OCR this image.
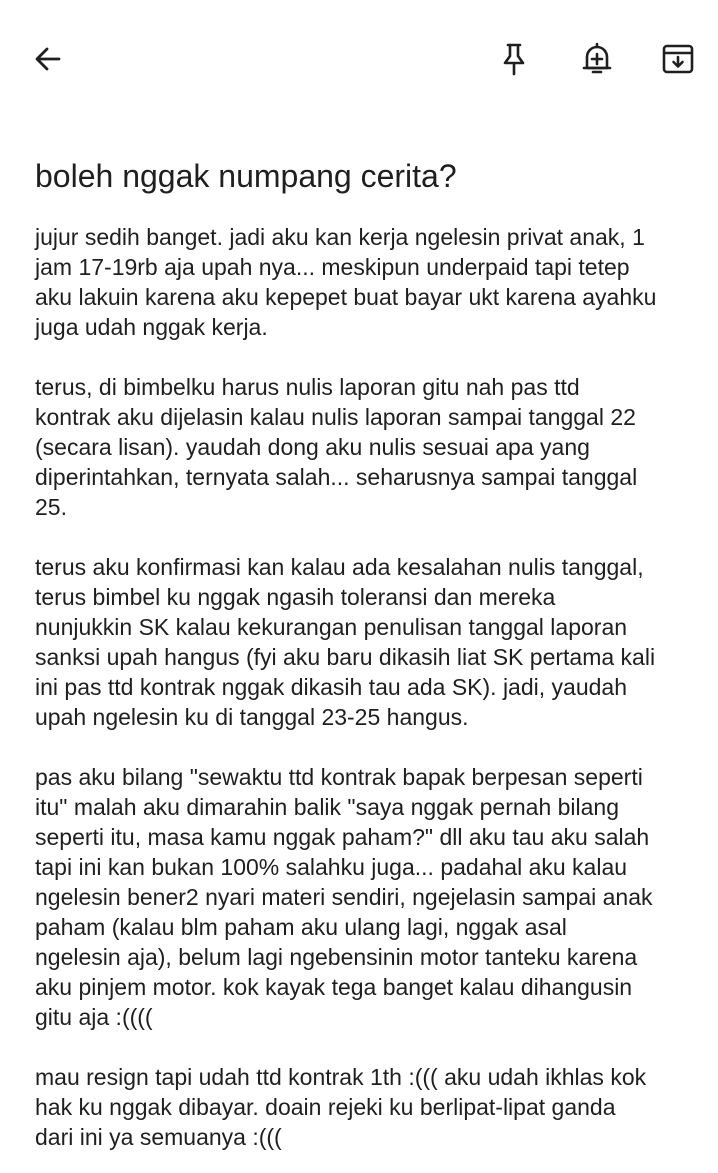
boleh nggak numpang cerita?
jujur sedih banget. jadi aku kan kerja ngelesin privat anak, 1
jam 17-19rb aja upah nya... meskipun underpaid tapi tetep
aku lakuin karena aku kepepet buat bayar ukt karena ayahku
juga udah nggak kerja.
terus, di bimbelku harus nulis laporan gitu nah pas ttd
kontrak aku dijelasin kalau nulis laporan sampai tanggal 22
(secara lisan). yaudah dong aku nulis sesuai apa yang
diperintahkan, ternyata salah... seharusnya sampai tanggal
25.
terus aku konfirmasi kan kalau ada kesalahan nulis tanggal,
terus bimbel ku nggak ngasih toleransi dan mereka
nunjukkin SK kalau kekurangan penulisan tanggal laporan
sanksi upah hangus (fyi aku baru dikasih liat SK pertama kali
ini pas ttd kontrak nggak dikasih tau ada SK). jadi, yaudah
upah ngelesin ku di tanggal 23-25 hangus.
pas aku bilang "sewaktu ttd kontrak bapak berpesan seperti
itu" malah aku dimarahin balik "saya nggak pernah bilang
seperti itu, masa kamu nggak paham?" dll aku tau aku salah
tapi ini kan bukan 100% salahku juga... padahal aku kalau
ngelesin bener2 nyari materi sendiri, ngejelasin sampai anak
paham (kalau blm paham aku ulang lagi, nggak asal
ngelesin aja), belum lagi ngebensinin motor tanteku karena
aku pinjem motor. kok kayak tega banget kalau dihangusin
gitu aja :((((
mau resign tapi udah ttd kontrak 1th :((( aku udah ikhlas kok
hak ku nggak dibayar. doain rejeki ku berlipat-lipat ganda
dari ini ya semuanya :(((
